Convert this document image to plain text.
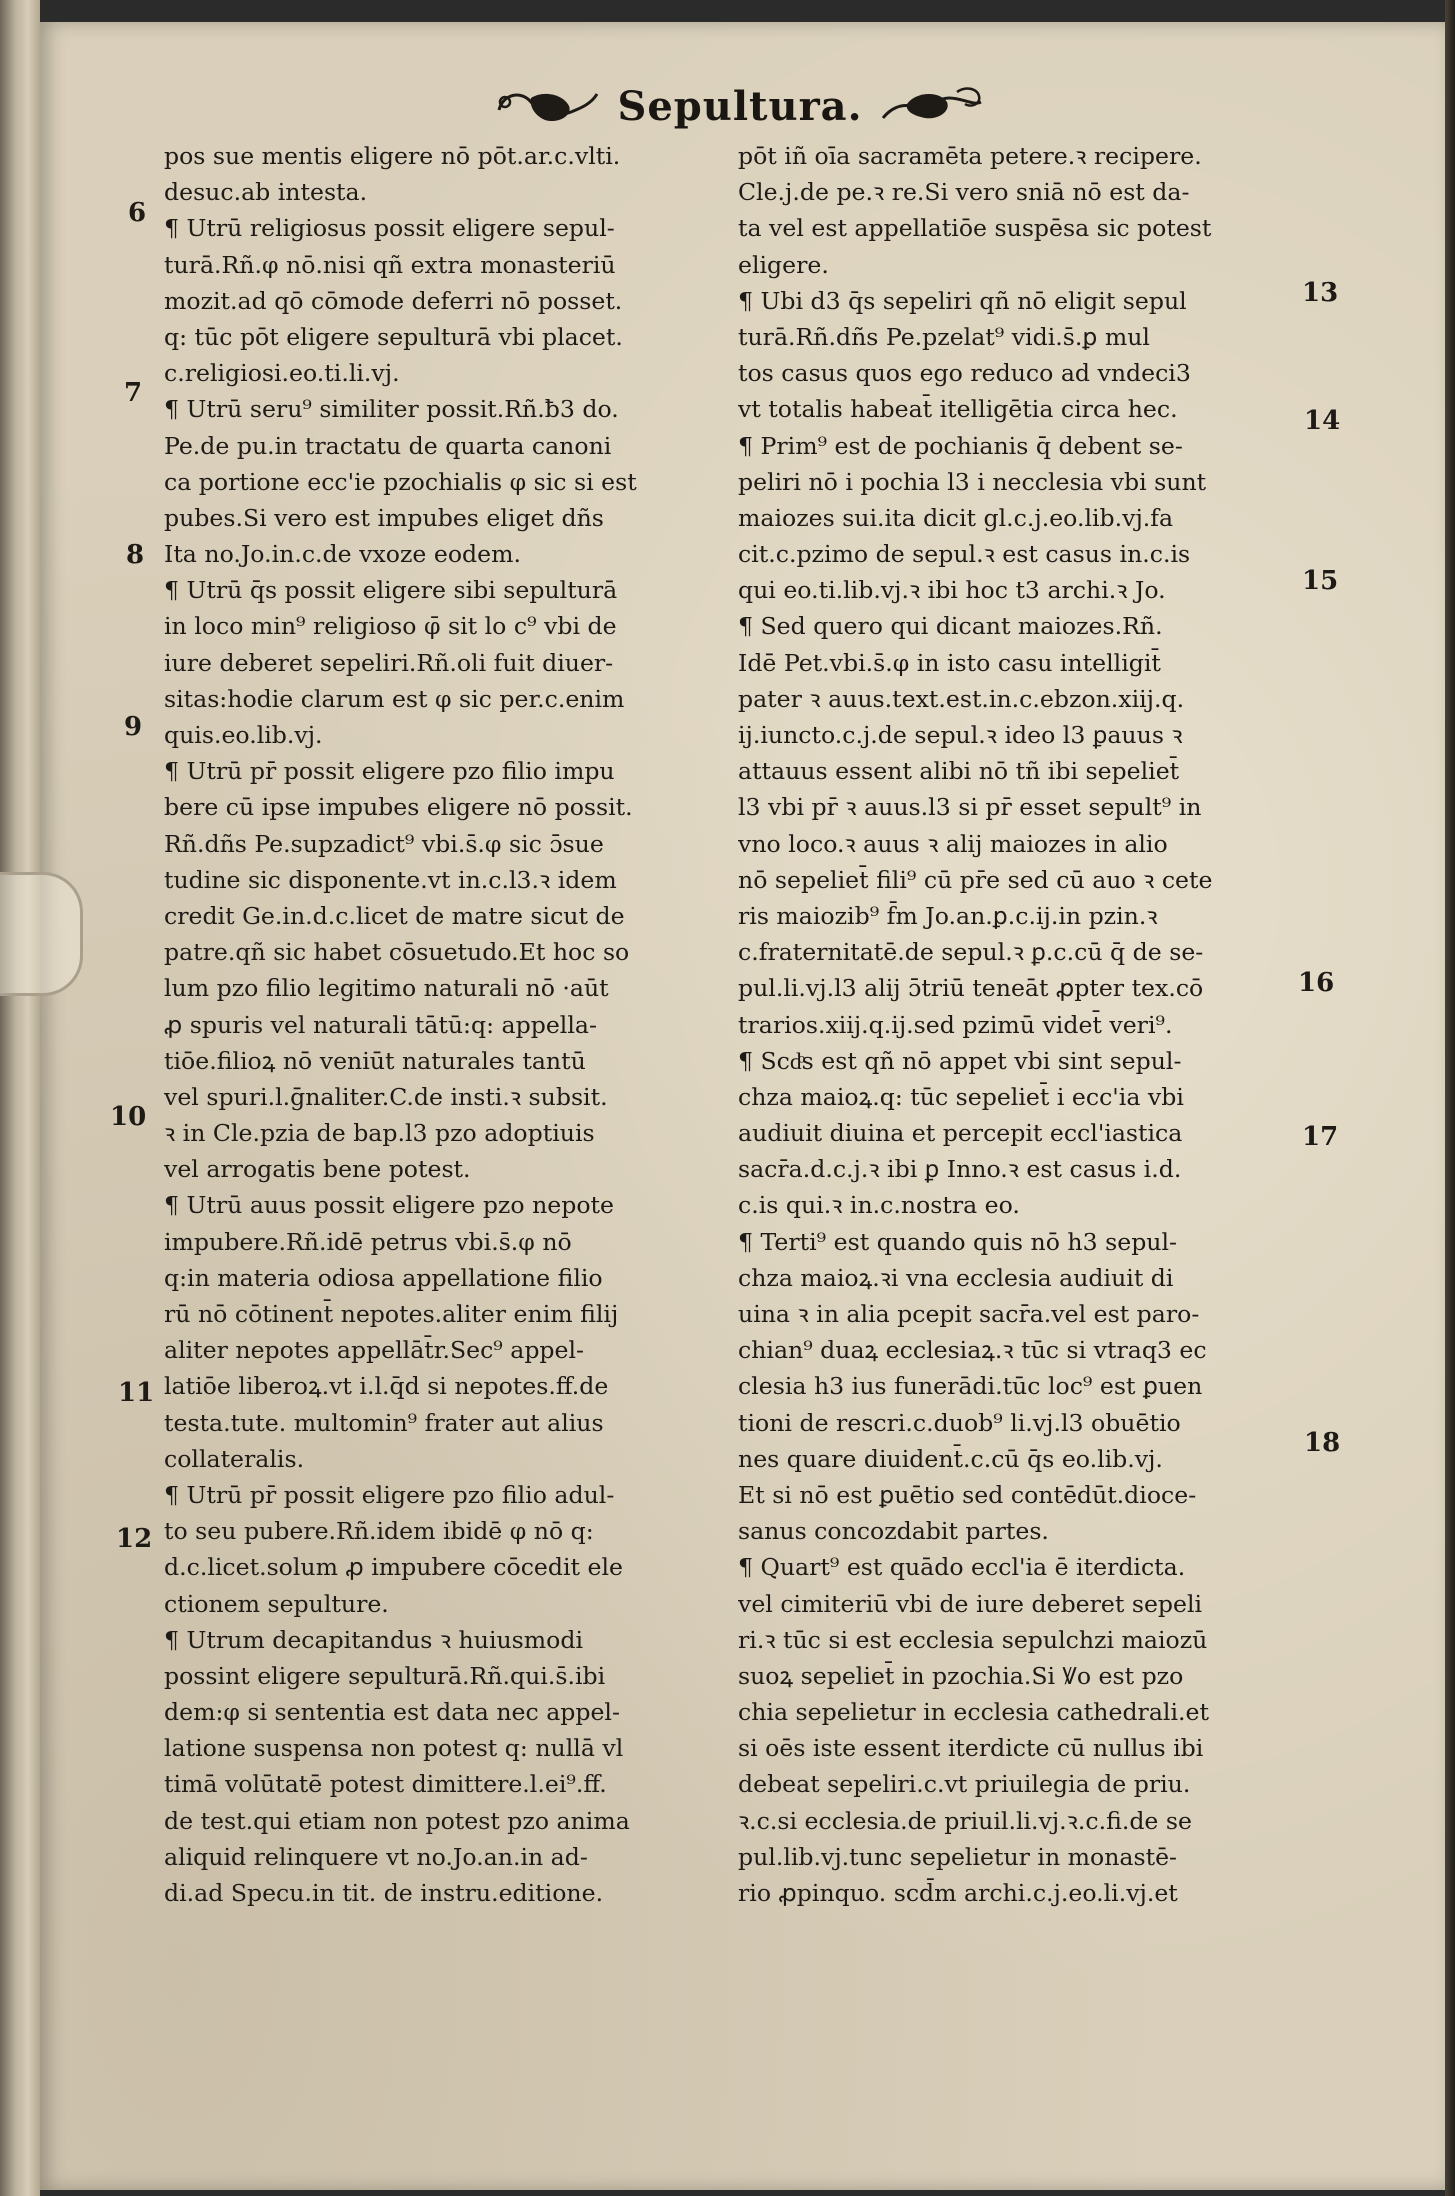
Sepultura.
pos sue mentis eligere nō pōt.ar.c.vlti.
desuc.ab intesta.
¶ Utrū religiosus possit eligere sepul-
turā.Rñ.φ nō.nisi qñ extra monasteriū
mozit.ad qō cōmode deferri nō posset.
q: tūc pōt eligere sepulturā vbi placet.
c.religiosi.eo.ti.li.vj.
¶ Utrū seru⁹ similiter possit.Rñ.ƀ3 do.
Pe.de pu.in tractatu de quarta canoni
ca portione ecc'ie pzochialis φ sic si est
pubes.Si vero est impubes eliget dñs
Ita no.Jo.in.c.de vxoze eodem.
¶ Utrū q̄s possit eligere sibi sepulturā
in loco min⁹ religioso φ̄ sit lo c⁹ vbi de
iure deberet sepeliri.Rñ.oli fuit diuer-
sitas:hodie clarum est φ sic per.c.enim
quis.eo.lib.vj.
¶ Utrū pr̄ possit eligere pzo filio impu
bere cū ipse impubes eligere nō possit.
Rñ.dñs Pe.supzadict⁹ vbi.s̄.φ sic ɔ̄sue
tudine sic disponente.vt in.c.l3.ꝛ idem
credit Ge.in.d.c.licet de matre sicut de
patre.qñ sic habet cōsuetudo.Et hoc so
lum pzo filio legitimo naturali nō ·aūt
ꝓ spuris vel naturali tātū:q: appella-
tiōe.filioꝝ nō veniūt naturales tantū
vel spuri.l.ḡnaliter.C.de insti.ꝛ subsit.
ꝛ in Cle.pzia de bap.l3 pzo adoptiuis
vel arrogatis bene potest.
¶ Utrū auus possit eligere pzo nepote
impubere.Rñ.idē petrus vbi.s̄.φ nō
q:in materia odiosa appellatione filio
rū nō cōtinent̄ nepotes.aliter enim filij
aliter nepotes appellāt̄r.Sec⁹ appel-
latiōe liberoꝝ.vt i.l.q̄d si nepotes.ff.de
testa.tute. multomin⁹ frater aut alius
collateralis.
¶ Utrū pr̄ possit eligere pzo filio adul-
to seu pubere.Rñ.idem ibidē φ nō q:
d.c.licet.solum ꝓ impubere cōcedit ele
ctionem sepulture.
¶ Utrum decapitandus ꝛ huiusmodi
possint eligere sepulturā.Rñ.qui.s̄.ibi
dem:φ si sententia est data nec appel-
latione suspensa non potest q: nullā vl
timā volūtatē potest dimittere.l.ei⁹.ff.
de test.qui etiam non potest pzo anima
aliquid relinquere vt no.Jo.an.in ad-
di.ad Specu.in tit. de instru.editione.
pōt iñ oīa sacramēta petere.ꝛ recipere.
Cle.j.de pe.ꝛ re.Si vero sniā nō est da-
ta vel est appellatiōe suspēsa sic potest
eligere.
¶ Ubi d3 q̄s sepeliri qñ nō eligit sepul
turā.Rñ.dñs Pe.pzelat⁹ vidi.s̄.ꝑ mul
tos casus quos ego reduco ad vndeci3
vt totalis habeat̄ itelligētia circa hec.
¶ Prim⁹ est de pochianis q̄ debent se-
peliri nō i pochia l3 i necclesia vbi sunt
maiozes sui.ita dicit gl.c.j.eo.lib.vj.fa
cit.c.pzimo de sepul.ꝛ est casus in.c.is
qui eo.ti.lib.vj.ꝛ ibi hoc t3 archi.ꝛ Jo.
¶ Sed quero qui dicant maiozes.Rñ.
Idē Pet.vbi.s̄.φ in isto casu intelligit̄
pater ꝛ auus.text.est.in.c.ebzon.xiij.q.
ij.iuncto.c.j.de sepul.ꝛ ideo l3 ꝑauus ꝛ
attauus essent alibi nō tñ ibi sepeliet̄
l3 vbi pr̄ ꝛ auus.l3 si pr̄ esset sepult⁹ in
vno loco.ꝛ auus ꝛ alij maiozes in alio
nō sepeliet̄ fili⁹ cū pr̄e sed cū auo ꝛ cete
ris maiozib⁹ f̄m Jo.an.ꝑ.c.ij.in pzin.ꝛ
c.fraternitatē.de sepul.ꝛ ꝑ.c.cū q̄ de se-
pul.li.vj.l3 alij ɔ̄triū teneāt ꝓpter tex.cō
trarios.xiij.q.ij.sed pzimū videt̄ veri⁹.
¶ Scdͦs est qñ nō appet vbi sint sepul-
chza maioꝝ.q: tūc sepeliet̄ i ecc'ia vbi
audiuit diuina et percepit eccl'iastica
sacr̄a.d.c.j.ꝛ ibi ꝑ Inno.ꝛ est casus i.d.
c.is qui.ꝛ in.c.nostra eo.
¶ Terti⁹ est quando quis nō h3 sepul-
chza maioꝝ.ꝛi vna ecclesia audiuit di
uina ꝛ in alia pcepit sacr̄a.vel est paro-
chian⁹ duaꝝ ecclesiaꝝ.ꝛ tūc si vtraq3 ec
clesia h3 ius funerādi.tūc loc⁹ est ꝑuen
tioni de rescri.c.duob⁹ li.vj.l3 obuētio
nes quare diuident̄.c.cū q̄s eo.lib.vj.
Et si nō est ꝑuētio sed contēdūt.dioce-
sanus concozdabit partes.
¶ Quart⁹ est quādo eccl'ia ē iterdicta.
vel cimiteriū vbi de iure deberet sepeli
ri.ꝛ tūc si est ecclesia sepulchzi maiozū
suoꝝ sepeliet̄ in pzochia.Si Ꝟo est pzo
chia sepelietur in ecclesia cathedrali.et
si oēs iste essent iterdicte cū nullus ibi
debeat sepeliri.c.vt priuilegia de priu.
ꝛ.c.si ecclesia.de priuil.li.vj.ꝛ.c.fi.de se
pul.lib.vj.tunc sepelietur in monastē-
rio ꝓpinquo. scd̄m archi.c.j.eo.li.vj.et
6
7
8
9
10
11
12
13
14
15
16
17
18
